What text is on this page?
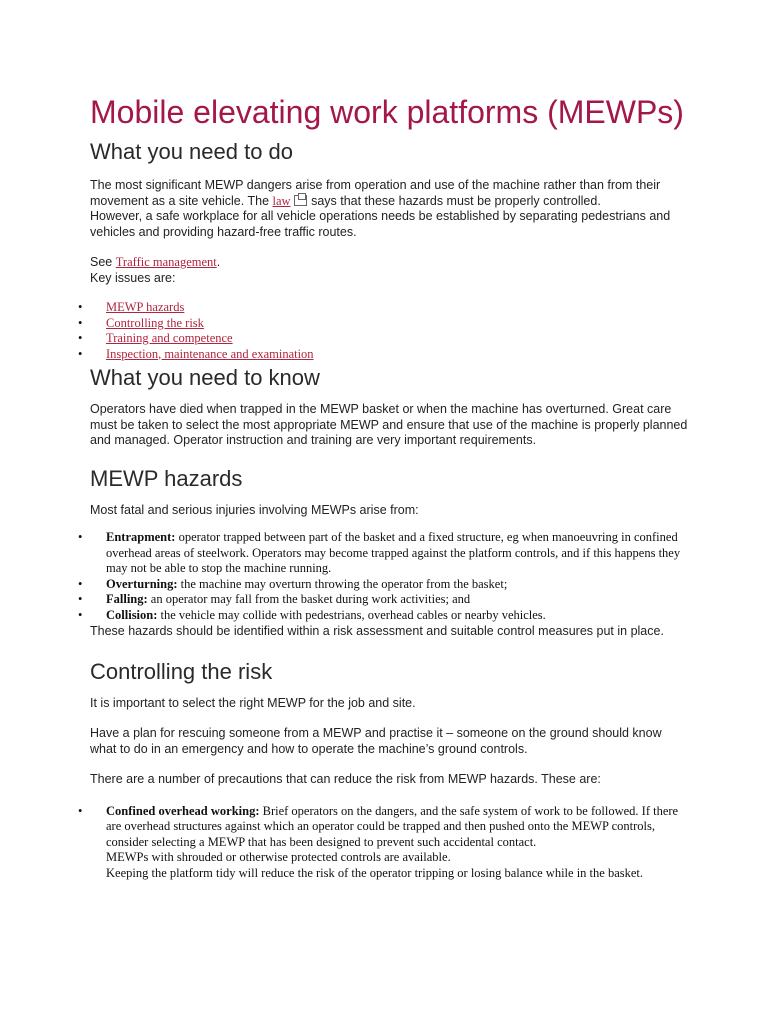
Mobile elevating work platforms (MEWPs)
What you need to do

The most significant MEWP dangers arise from operation and use of the machine rather than from their movement as a site vehicle. The law says that these hazards must be properly controlled.
However, a safe workplace for all vehicle operations needs be established by separating pedestrians and vehicles and providing hazard-free traffic routes.

See Traffic management.
Key issues are:

• MEWP hazards
• Controlling the risk
• Training and competence
• Inspection, maintenance and examination
What you need to know

Operators have died when trapped in the MEWP basket or when the machine has overturned. Great care must be taken to select the most appropriate MEWP and ensure that use of the machine is properly planned and managed. Operator instruction and training are very important requirements.

MEWP hazards

Most fatal and serious injuries involving MEWPs arise from:

• Entrapment: operator trapped between part of the basket and a fixed structure, eg when manoeuvring in confined overhead areas of steelwork. Operators may become trapped against the platform controls, and if this happens they may not be able to stop the machine running.
• Overturning: the machine may overturn throwing the operator from the basket;
• Falling: an operator may fall from the basket during work activities; and
• Collision: the vehicle may collide with pedestrians, overhead cables or nearby vehicles.

These hazards should be identified within a risk assessment and suitable control measures put in place.

Controlling the risk

It is important to select the right MEWP for the job and site.

Have a plan for rescuing someone from a MEWP and practise it – someone on the ground should know what to do in an emergency and how to operate the machine’s ground controls.

There are a number of precautions that can reduce the risk from MEWP hazards. These are:

• Confined overhead working: Brief operators on the dangers, and the safe system of work to be followed. If there are overhead structures against which an operator could be trapped and then pushed onto the MEWP controls, consider selecting a MEWP that has been designed to prevent such accidental contact.
MEWPs with shrouded or otherwise protected controls are available.
Keeping the platform tidy will reduce the risk of the operator tripping or losing balance while in the basket.
